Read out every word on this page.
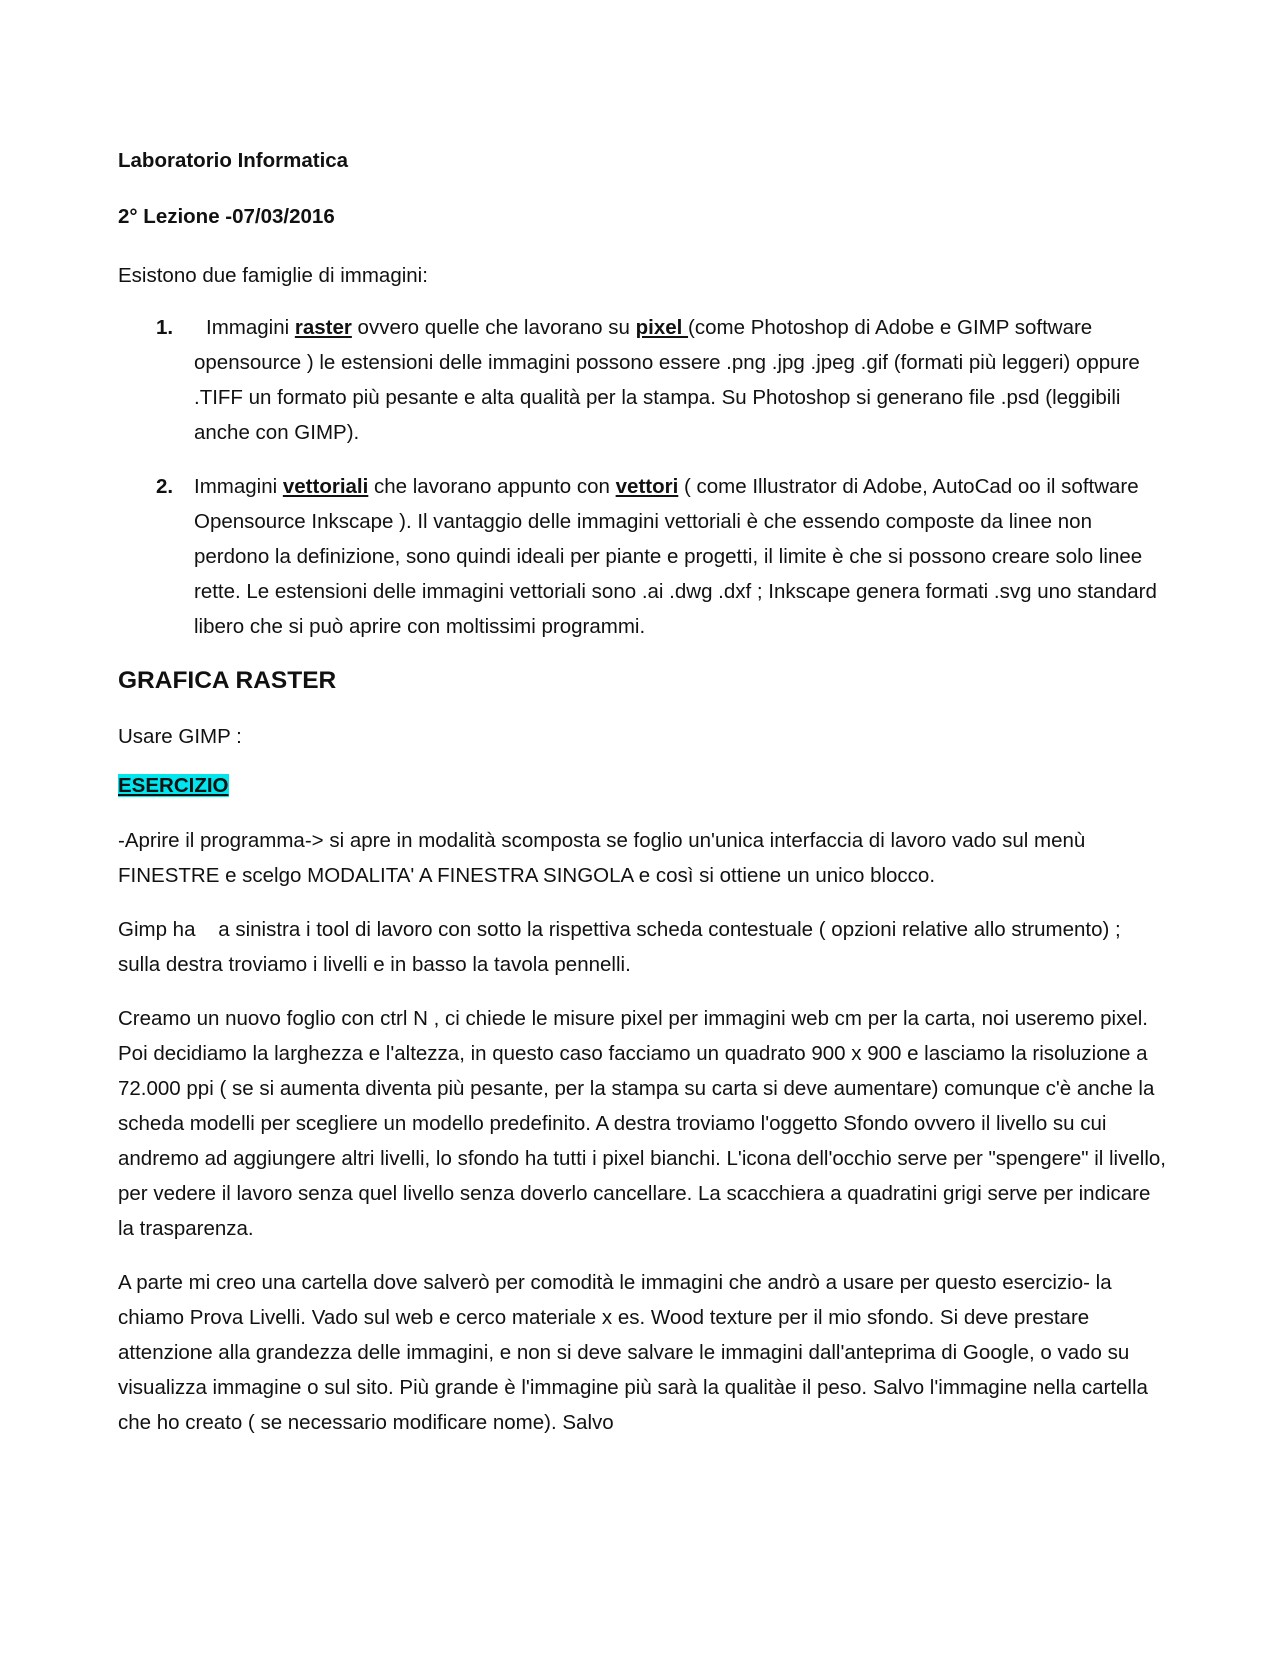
Laboratorio Informatica
2° Lezione -07/03/2016
Esistono due famiglie di immagini:
1. Immagini raster ovvero quelle che lavorano su pixel (come Photoshop di Adobe e GIMP software opensource ) le estensioni delle immagini possono essere .png .jpg .jpeg .gif (formati più leggeri) oppure .TIFF un formato più pesante e alta qualità per la stampa. Su Photoshop si generano file .psd (leggibili anche con GIMP).
2. Immagini vettoriali che lavorano appunto con vettori ( come Illustrator di Adobe, AutoCad oo il software Opensource Inkscape ). Il vantaggio delle immagini vettoriali è che essendo composte da linee non perdono la definizione, sono quindi ideali per piante e progetti, il limite è che si possono creare solo linee rette. Le estensioni delle immagini vettoriali sono .ai .dwg .dxf ; Inkscape genera formati .svg uno standard libero che si può aprire con moltissimi programmi.
GRAFICA RASTER
Usare GIMP :
ESERCIZIO
-Aprire il programma-> si apre in modalità scomposta se foglio un'unica interfaccia di lavoro vado sul menù FINESTRE e scelgo MODALITA' A FINESTRA SINGOLA e così si ottiene un unico blocco.
Gimp ha    a sinistra i tool di lavoro con sotto la rispettiva scheda contestuale ( opzioni relative allo strumento) ; sulla destra troviamo i livelli e in basso la tavola pennelli.
Creamo un nuovo foglio con ctrl N , ci chiede le misure pixel per immagini web cm per la carta, noi useremo pixel. Poi decidiamo la larghezza e l'altezza, in questo caso facciamo un quadrato 900 x 900 e lasciamo la risoluzione a 72.000 ppi ( se si aumenta diventa più pesante, per la stampa su carta si deve aumentare) comunque c'è anche la scheda modelli per scegliere un modello predefinito. A destra troviamo l'oggetto Sfondo ovvero il livello su cui andremo ad aggiungere altri livelli, lo sfondo ha tutti i pixel bianchi. L'icona dell'occhio serve per "spengere" il livello, per vedere il lavoro senza quel livello senza doverlo cancellare. La scacchiera a quadratini grigi serve per indicare la trasparenza.
A parte mi creo una cartella dove salverò per comodità le immagini che andrò a usare per questo esercizio- la chiamo Prova Livelli. Vado sul web e cerco materiale x es. Wood texture per il mio sfondo. Si deve prestare attenzione alla grandezza delle immagini, e non si deve salvare le immagini dall'anteprima di Google, o vado su visualizza immagine o sul sito. Più grande è l'immagine più sarà la qualitàe il peso. Salvo l'immagine nella cartella che ho creato ( se necessario modificare nome). Salvo
